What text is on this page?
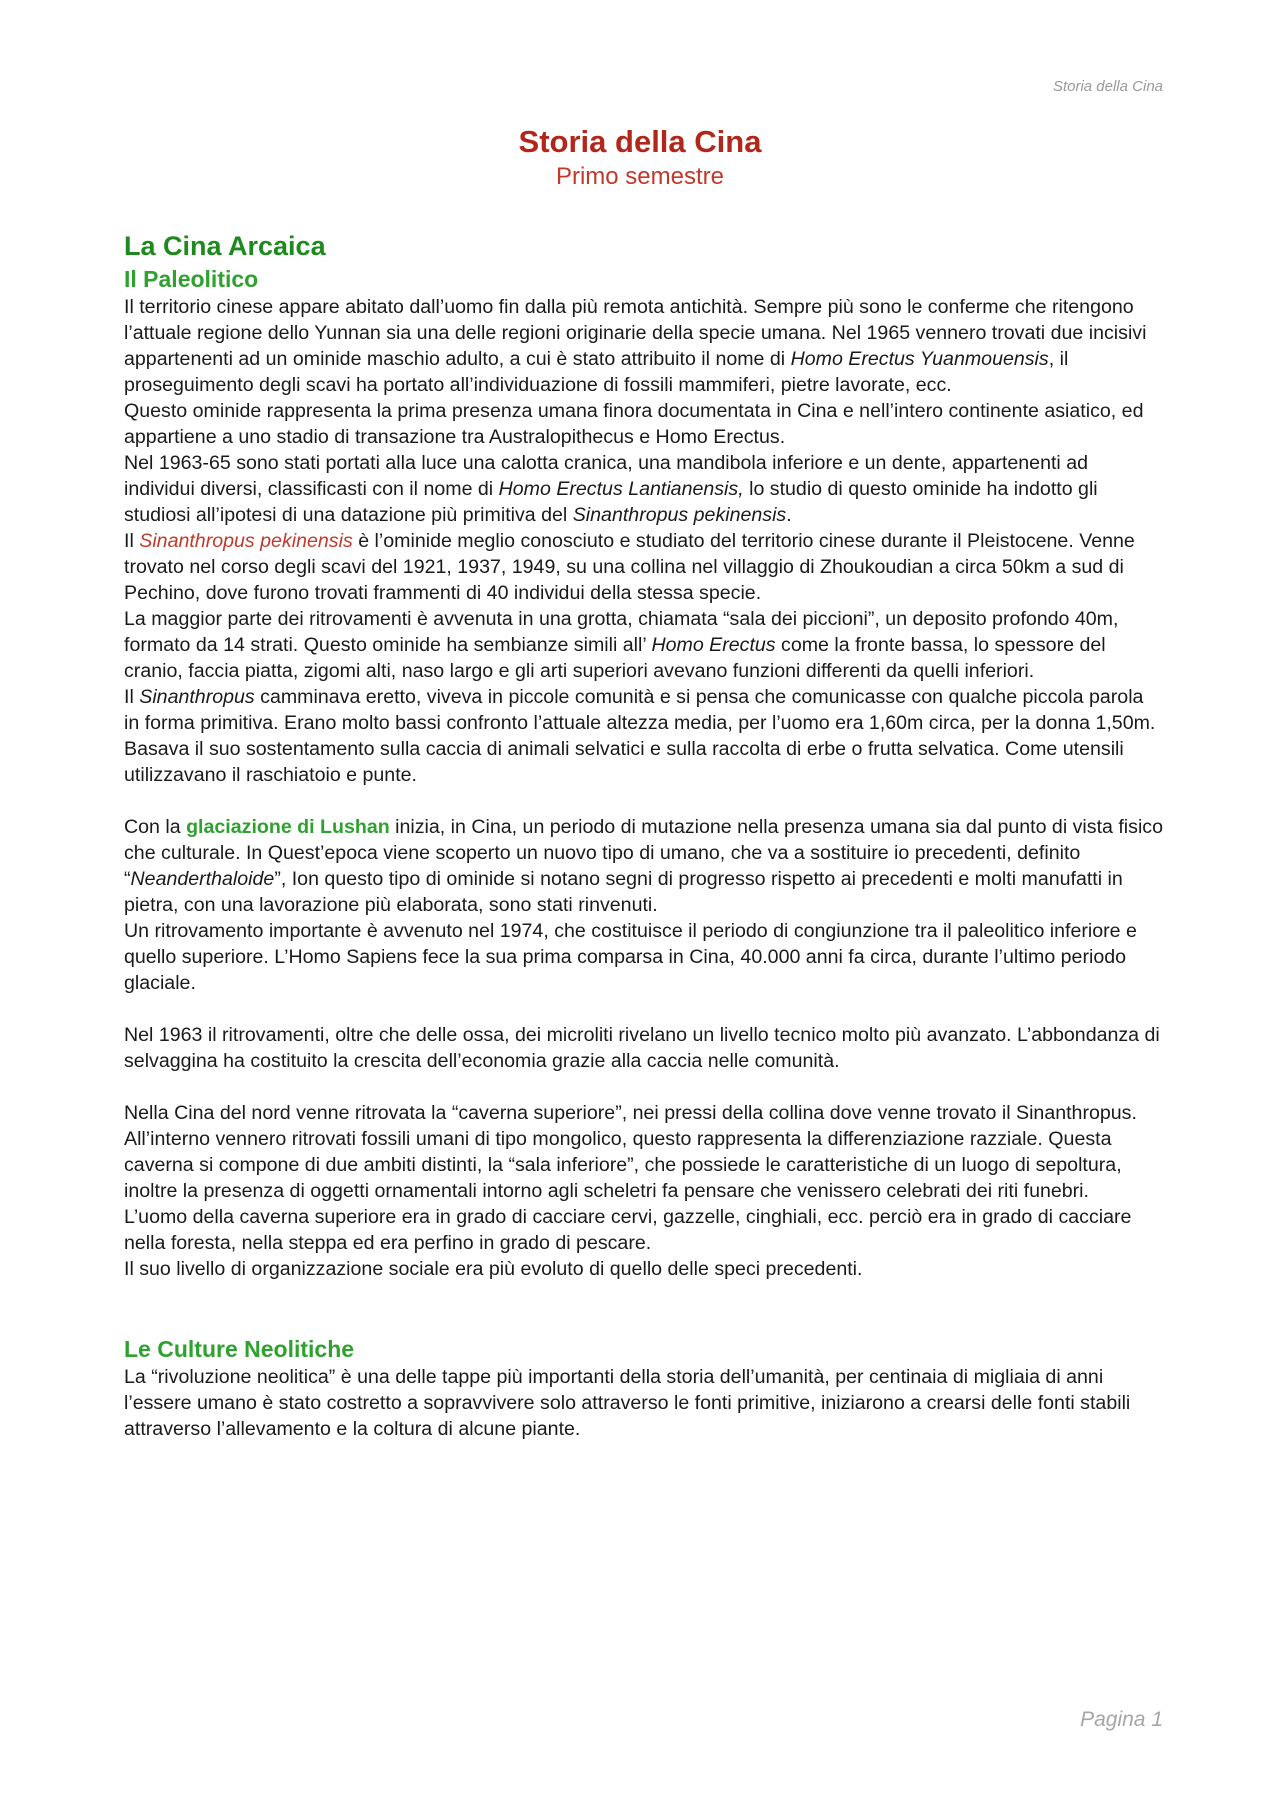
Storia della Cina
Storia della Cina
Primo semestre
La Cina Arcaica
Il Paleolitico

Il territorio cinese appare abitato dall’uomo fin dalla più remota antichità. Sempre più sono le conferme che ritengono l’attuale regione dello Yunnan sia una delle regioni originarie della specie umana. Nel 1965 vennero trovati due incisivi appartenenti ad un ominide maschio adulto, a cui è stato attribuito il nome di Homo Erectus Yuanmouensis, il proseguimento degli scavi ha portato all’individuazione di fossili mammiferi, pietre lavorate, ecc.

Questo ominide rappresenta la prima presenza umana finora documentata in Cina e nell’intero continente asiatico, ed appartiene a uno stadio di transazione tra Australopithecus e Homo Erectus.

Nel 1963-65 sono stati portati alla luce una calotta cranica, una mandibola inferiore e un dente, appartenenti ad individui diversi, classificasti con il nome di Homo Erectus Lantianensis, lo studio di questo ominide ha indotto gli studiosi all’ipotesi di una datazione più primitiva del Sinanthropus pekinensis.

Il Sinanthropus pekinensis è l’ominide meglio conosciuto e studiato del territorio cinese durante il Pleistocene. Venne trovato nel corso degli scavi del 1921, 1937, 1949, su una collina nel villaggio di Zhoukoudian a circa 50km a sud di Pechino, dove furono trovati frammenti di 40 individui della stessa specie.

La maggior parte dei ritrovamenti è avvenuta in una grotta, chiamata “sala dei piccioni”, un deposito profondo 40m, formato da 14 strati. Questo ominide ha sembianze simili all’ Homo Erectus come la fronte bassa, lo spessore del cranio, faccia piatta, zigomi alti, naso largo e gli arti superiori avevano funzioni differenti da quelli inferiori.

Il Sinanthropus camminava eretto, viveva in piccole comunità e si pensa che comunicasse con qualche piccola parola in forma primitiva. Erano molto bassi confronto l’attuale altezza media, per l’uomo era 1,60m circa, per la donna 1,50m. Basava il suo sostentamento sulla caccia di animali selvatici e sulla raccolta di erbe o frutta selvatica. Come utensili utilizzavano il raschiatoio e punte.

Con la glaciazione di Lushan inizia, in Cina, un periodo di mutazione nella presenza umana sia dal punto di vista fisico che culturale. In Quest’epoca viene scoperto un nuovo tipo di umano, che va a sostituire io precedenti, definito “Neanderthaloide”, Ion questo tipo di ominide si notano segni di progresso rispetto ai precedenti e molti manufatti in pietra, con una lavorazione più elaborata, sono stati rinvenuti.

Un ritrovamento importante è avvenuto nel 1974, che costituisce il periodo di congiunzione tra il paleolitico inferiore e quello superiore. L’Homo Sapiens fece la sua prima comparsa in Cina, 40.000 anni fa circa, durante l’ultimo periodo glaciale.

Nel 1963 il ritrovamenti, oltre che delle ossa, dei microliti rivelano un livello tecnico molto più avanzato. L’abbondanza di selvaggina ha costituito la crescita dell’economia grazie alla caccia nelle comunità.

Nella Cina del nord venne ritrovata la “caverna superiore”, nei pressi della collina dove venne trovato il Sinanthropus. All’interno vennero ritrovati fossili umani di tipo mongolico, questo rappresenta la differenziazione razziale. Questa caverna si compone di due ambiti distinti, la “sala inferiore”, che possiede le caratteristiche di un luogo di sepoltura, inoltre la presenza di oggetti ornamentali intorno agli scheletri fa pensare che venissero celebrati dei riti funebri.

L’uomo della caverna superiore era in grado di cacciare cervi, gazzelle, cinghiali, ecc. perciò era in grado di cacciare nella foresta, nella steppa ed era perfino in grado di pescare.

Il suo livello di organizzazione sociale era più evoluto di quello delle speci precedenti.

Le Culture Neolitiche

La “rivoluzione neolitica” è una delle tappe più importanti della storia dell’umanità, per centinaia di migliaia di anni l’essere umano è stato costretto a sopravvivere solo attraverso le fonti primitive, iniziarono a crearsi delle fonti stabili attraverso l’allevamento e la coltura di alcune piante.

Pagina 1
